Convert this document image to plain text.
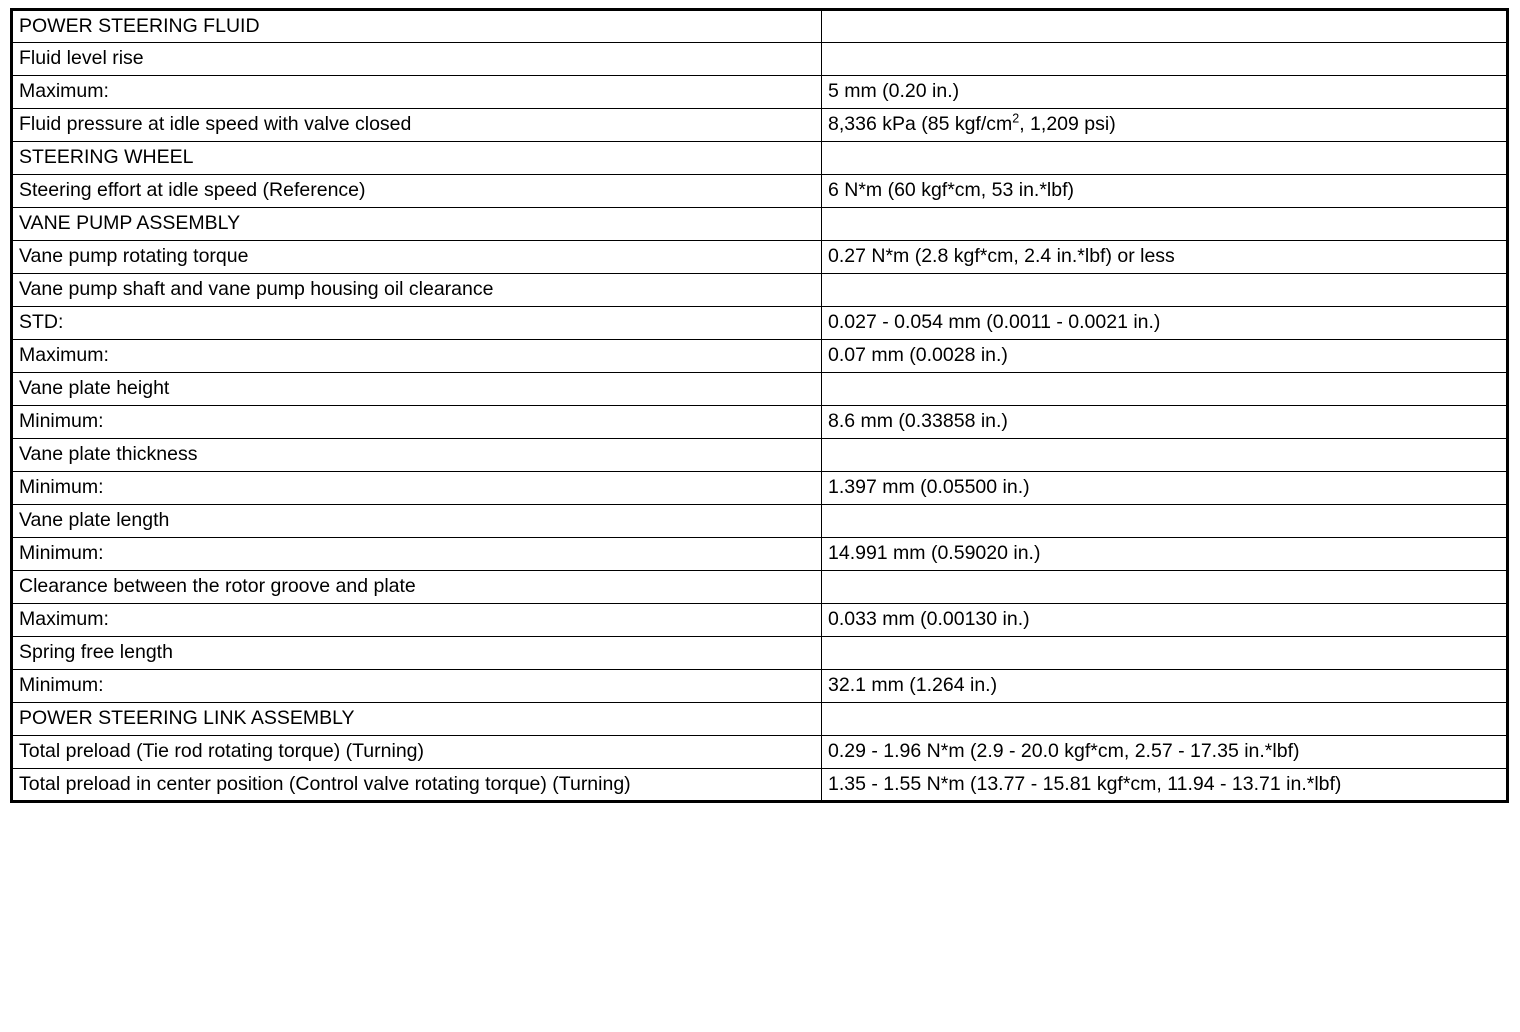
POWER STEERING FLUID	
Fluid level rise	
Maximum:	5 mm (0.20 in.)
Fluid pressure at idle speed with valve closed	8,336 kPa (85 kgf/$cm^2$, 1,209 psi)
STEERING WHEEL	
Steering effort at idle speed (Reference)	6 N*m (60 kgf*cm, 53 in.*lbf)
VANE PUMP ASSEMBLY	
Vane pump rotating torque	0.27 N*m (2.8 kgf*cm, 2.4 in.*lbf) or less
Vane pump shaft and vane pump housing oil clearance	
STD:	0.027 - 0.054 mm (0.0011 - 0.0021 in.)
Maximum:	0.07 mm (0.0028 in.)
Vane plate height	
Minimum:	8.6 mm (0.33858 in.)
Vane plate thickness	
Minimum:	1.397 mm (0.05500 in.)
Vane plate length	
Minimum:	14.991 mm (0.59020 in.)
Clearance between the rotor groove and plate	
Maximum:	0.033 mm (0.00130 in.)
Spring free length	
Minimum:	32.1 mm (1.264 in.)
POWER STEERING LINK ASSEMBLY	
Total preload (Tie rod rotating torque) (Turning)	0.29 - 1.96 N*m (2.9 - 20.0 kgf*cm, 2.57 - 17.35 in.*lbf)
Total preload in center position (Control valve rotating torque) (Turning)	1.35 - 1.55 N*m (13.77 - 15.81 kgf*cm, 11.94 - 13.71 in.*lbf)
